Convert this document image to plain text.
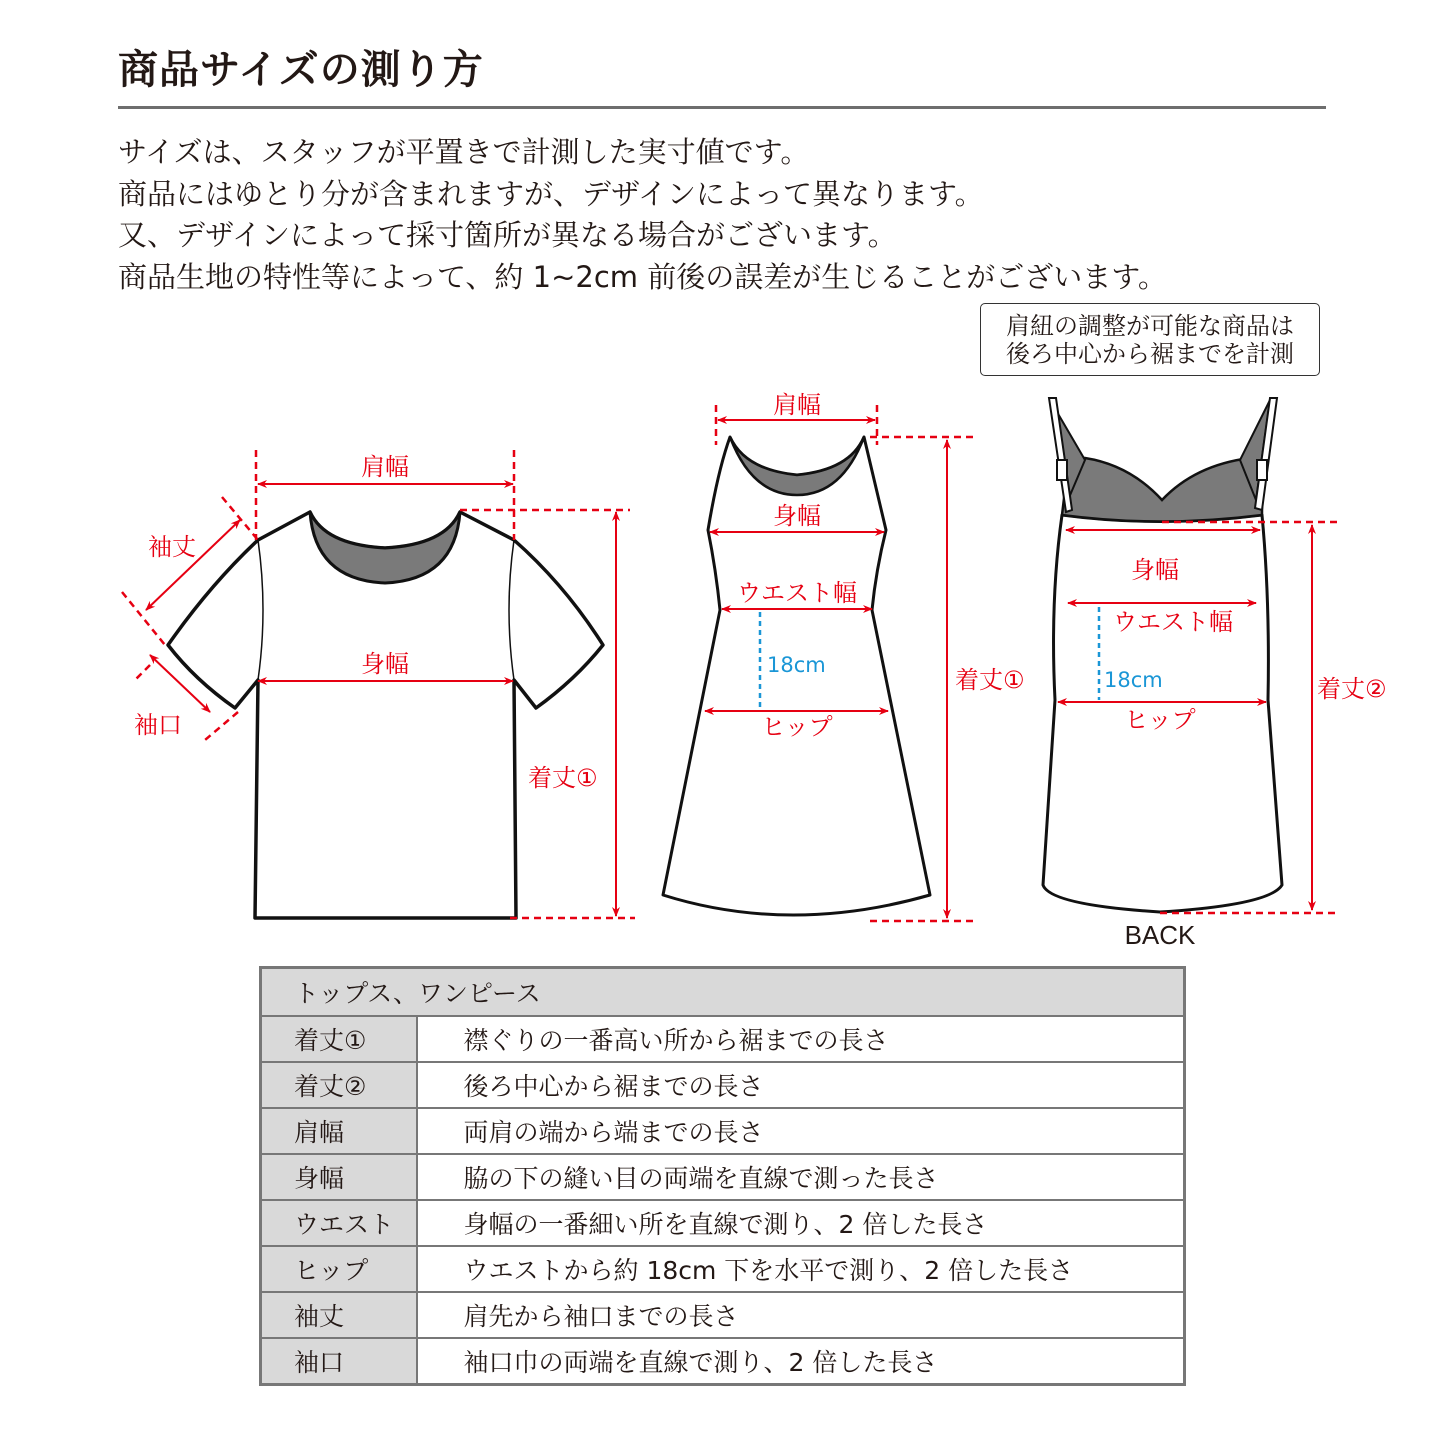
商品サイズの測り方
サイズは、スタッフが平置きで計測した実寸値です。
商品にはゆとり分が含まれますが、デザインによって異なります。
又、デザインによって採寸箇所が異なる場合がございます。
商品生地の特性等によって、約 1~2cm 前後の誤差が生じることがございます。
肩紐の調整が可能な商品は
後ろ中心から裾までを計測
肩幅
身幅
袖丈
袖口
着丈①
肩幅
身幅
ウエスト幅
18cm
ヒップ
着丈①
身幅
ウエスト幅
18cm
ヒップ
着丈②
BACK
トップス、ワンピース	
着丈①	襟ぐりの一番高い所から裾までの長さ
着丈②	後ろ中心から裾までの長さ
肩幅	両肩の端から端までの長さ
身幅	脇の下の縫い目の両端を直線で測った長さ
ウエスト	身幅の一番細い所を直線で測り、2 倍した長さ
ヒップ	ウエストから約 18cm 下を水平で測り、2 倍した長さ
袖丈	肩先から袖口までの長さ
袖口	袖口巾の両端を直線で測り、2 倍した長さ
